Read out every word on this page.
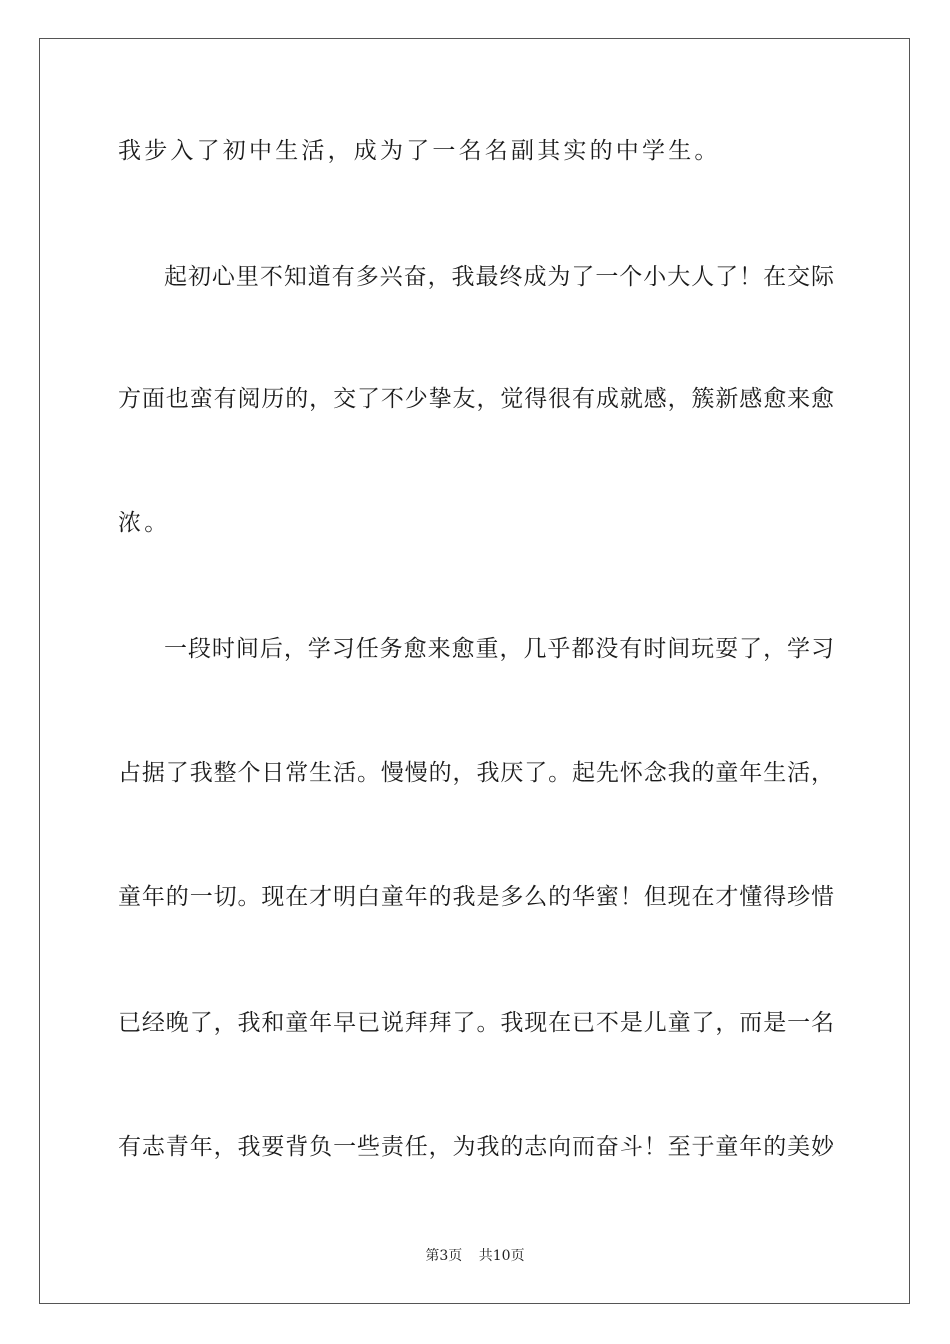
我步入了初中生活，成为了一名名副其实的中学生。

起初心里不知道有多兴奋，我最终成为了一个小大人了！在交际

方面也蛮有阅历的，交了不少挚友，觉得很有成就感，簇新感愈来愈

浓。

一段时间后，学习任务愈来愈重，几乎都没有时间玩耍了，学习

占据了我整个日常生活。慢慢的，我厌了。起先怀念我的童年生活，

童年的一切。现在才明白童年的我是多么的华蜜！但现在才懂得珍惜

已经晚了，我和童年早已说拜拜了。我现在已不是儿童了，而是一名

有志青年，我要背负一些责任，为我的志向而奋斗！至于童年的美妙

第3页 共10页
